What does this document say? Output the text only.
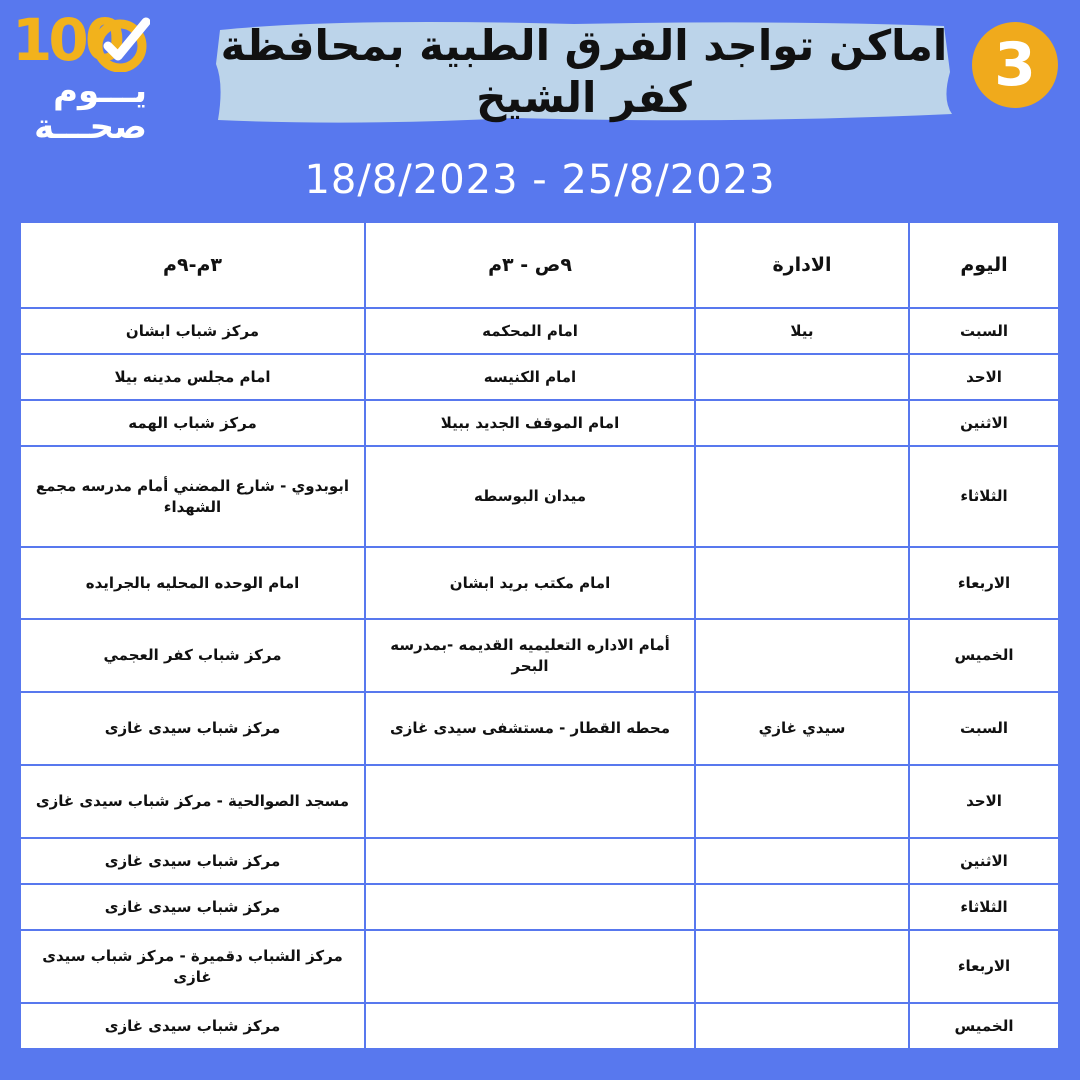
100
يـــوم
صحـــة
اماكن تواجد الفرق الطبية بمحافظة كفر الشيخ	3
18/8/2023 - 25/8/2023
اليوم	الادارة	٩ص - ٣م	٣م-٩م
السبت	بيلا	امام المحكمه	مركز شباب ابشان
الاحد		امام الكنيسه	امام مجلس مدينه بيلا
الاثنين		امام الموقف الجديد ببيلا	مركز شباب الهمه
الثلاثاء		ميدان البوسطه	ابوبدوي - شارع المضني أمام مدرسه مجمع الشهداء
الاربعاء		امام مكتب بريد ابشان	امام الوحده المحليه بالجرايده
الخميس		أمام الاداره التعليميه القديمه -بمدرسه البحر	مركز شباب كفر العجمي
السبت	سيدي غازي	محطه القطار - مستشفى سيدى غازى	مركز شباب سيدى غازى
الاحد			مسجد الصوالحية - مركز شباب سيدى غازى
الاثنين			مركز شباب سيدى غازى
الثلاثاء			مركز شباب سيدى غازى
الاربعاء			مركز الشباب دقميرة - مركز شباب سيدى غازى
الخميس			مركز شباب سيدى غازى
